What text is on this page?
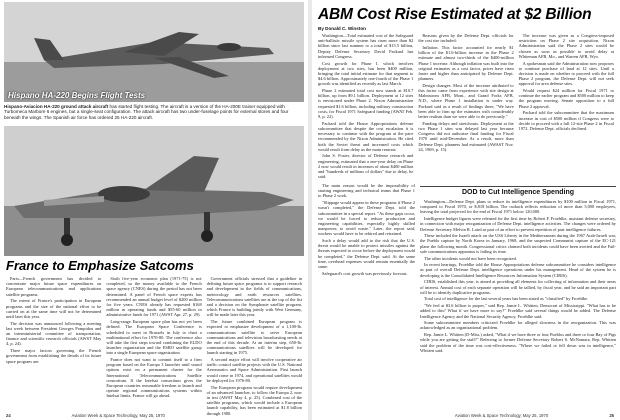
Hispano HA-220 Begins Flight Tests
Hispano-Aviacion HA-220 ground attack aircraft has started flight testing. The aircraft is a version of the HA-200E trainer equipped with Turbomeca Marbore 6 engines, but a single-seat configuration. The attack aircraft has two under-fuselage points for external stores and four beneath the wings. The Spanish air force has ordered 25 HA-220 aircraft.
France to Emphasize Satcoms

Paris—French government has decided to concentrate major future space expenditures on European telecommunications and applications satellite programs.

The extent of France's participation in European programs and the size of the national effort to be carried on at the same time will not be determined until later this year.

The decision was announced following a meeting last week between President Georges Pompidou and an interministerial committee of transportation, finance and scientific research officials (AWST May 4, p. 24).

Three major factors governing the French government from establishing the details of its future space program are:

Sixth five-year economic plan (1971-75) is not completed, so the money available to the French space agency (CNES) during the period has not been determined. A panel of French space experts has recommended an annual budget level of $200 million for five years. CNES already has requested $168 million in operating funds and $55-60 million in administrative funds for 1971 (AWST Apr. 27, p. 29).

Long-range European space plan has not yet been defined. The European Space Conference is scheduled to meet in Brussels in July to chart a multinational effort for 1970-80. The conference also will take the first steps toward combining the ELDO launcher organization and the ESRO satellite group into a single European space organization.

France does not want to commit itself to a firm program based on the Europa 3 launcher until sound options exist on a permanent charter for the International Telecommunications Satellite consortium. If the Intelsat consortium gives the European countries reasonable freedom to launch and operate regional communications systems within Intelsat limits, France will go ahead.

Government officials stressed that a guideline in defining future space programs is to support research and development in the fields of communications, meteorology and earth resources satellites. Telecommunications satellites are at the top of the list and a decision on the Symphonie satellite program, which France is building jointly with West Germany, will be made later this year.

The future combined European program is expected to emphasize development of a 1,100-lb. communications satellite to serve European communications and television broadcasting needs at the end of this decade. At an interim step, 650-lb. communications satellites will be developed for launch starting in 1975.

A second major effort will involve cooperative air traffic control satellite projects with the U.S. National Aeronautics and Space Administration. First launch would come in 1974, and operational satellites would be deployed for 1976-80.

The European program would require development of an advanced launcher, to follow the Europa 2, now in test (AWST May 4, p. 25). Combined cost of the satellite programs, which would include a European launch capability, has been estimated at $1.8 billion through 1980.

24	Aviation Week & Space Technology, May 25, 1970
ABM Cost Rise Estimated at $2 Billion
By Donald C. Winston

Washington—Total estimated cost of the Safeguard anti-ballistic missile system has risen more than $2 billion since last summer to a total of $15.5 billion, Deputy Defense Secretary David Packard has informed Congress.

Cost growth for Phase I, which involves deployment at two sites, has been $400 million, bringing the total initial estimate for that segment to $4.6 billion. Approximately one-fourth of the Phase 1 growth was identified as recently as last March.

Phase 2 estimated total cost now stands at $10.7 billion, up from $9.1 billion. Deployment at 12 sites is envisioned under Phase 2. Nixon Administration requested $1.6 billion, including military construction costs, for Fiscal 1971 Safeguard funding (AWAT Feb. 9, p. 22).

Packard told the House Appropriations defense subcommittee that despite the cost escalation it is necessary to continue with the program at the pace recommended by the Nixon Administration. He cited both the Soviet threat and increased costs which would result from delay as the main reasons.

John S. Foster, director of Defense research and engineering, estimated that a one-year delay on Phase 2 now would result in increases of about $400 million and "hundreds of millions of dollars" due to delay, he said.

Reasons given by the Defense Dept. officials for the cost rise included:

Inflation. This factor accounted for nearly $1 billion of the $1.6-billion increase in the Phase 2 estimate and almost two-thirds of the $400-million Phase 1 increase. Although inflation was built into the original estimates as a cost factor, prices have risen faster and higher than anticipated by Defense Dept. planners.

Design changes. Most of the increase attributed to this factor came from experience with site design at Malmstrom AFB, Mont., and Grand Forks AFB, N.D., where Phase 1 installation is under way. Packard said as a result of findings there, "We have been able to firm up the estimates with considerably better realism than we were able to do previously."

Funding delays and stretchouts. Deployment at the two Phase 1 sites was delayed last year because Congress did not authorize final funding for Fiscal 1970 until mid-December. As a result, more than Defense Dept. planners had estimated (AWAST Nov. 24, 1969, p. 15).

The increase was given as a Congress-imposed restriction on Phase 2 site acquisition. Nixon Administration said the Phase 2 sites would be chosen as soon as possible to avoid delay at Whiteman AFB, Mo., and Warren AFB, Wyo.

A spokesman said the Administration now proposes to continue purchase of land at 12 sites. Until a decision is made on whether to proceed with the full Phase 2 program, the Defense Dept. will not seek approval for area defense sites.

Would request $24 million for Fiscal 1971 to continue the earlier program and $500 million to keep the program moving. Senate opposition to a full Phase 2 approval.

Packard told the subcommittee that the maximum increase in cost of $500 million if Congress were to decide to proceed with a full 12-site Phase 2 in Fiscal 1972. Defense Dept. officials declined.

The main reason would be the impossibility of starting engineering and technical teams that Phase 1 to Phase 2 work.

"Slippage would appear in these programs if Phase 2 wasn't completed," the Defense Dept. told the subcommittee in a special report. "As these gaps occur, we would be forced to reduce production and engineering capabilities, especially highly skilled manpower, to avoid waste." Later, the report said, workers would have to be rehired and retrained.

Such a delay would add to the risk that the U.S. threat would be unable to protect missiles against the threats expected to occur before the deployment would be completed," the Defense Dept. said. At the same time, overhead expenses would remain essentially the same.

Safeguard's cost growth was previously forecast.

DOD to Cut Intelligence Spending

Washington—Defense Dept. plans to reduce its intelligence expenditures by $100 million in Fiscal 1971, compared to Fiscal 1970, or $.818 billion. The cutback reflects reduction of more than 5,000 employees, leaving the total projected for the end of Fiscal 1971 below 120,000.

Intelligence budget figures were released for the first time by Robert F. Froehlke, assistant defense secretary, in connection with major reorganization of Defense Dept. intelligence activities. The changes were ordered by Defense Secretary Melvin R. Laird as part of an effort to prevent repetition of past intelligence failures.

These included the Israeli attack on the USS Liberty in the Mediterranean during the 1967 Arab-Israeli war, the Pueblo capture by North Korea in January, 1968, and the suspected Communist capture of the EC-121 plane the following month. Congressional critics claimed both incidents could have been averted and the Fail-safe communications apparatus is failing its time.

The other incidents would not have been recognized.

In recent hearings, Froehlke told the House Appropriations defense subcommittee he considers intelligence as part of overall Defense Dept. intelligence operations under his management. Head of the system he is developing is the Consolidated Intelligence Resources Information System (CIRIS).

CIRIS, established this year, is aimed at providing all elements for collecting of information and their areas of interest. Annual cost of each separate operation will be tallied, by fiscal year, and he said an important part will be to identify duplicative programs.

Total cost of intelligence for the last several years has been stated as "classified" by Froehlke.

"We feel at $3.6 billion is proper," said Rep. Jamie L. Whitten, Democrat of Mississippi. "What has to be added to this? What if we have more to say?" Froehlke said several things would be added. The Defense Intelligence Agency and the National Security Agency, Froehlke said.

Some subcommittee members criticized Froehlke for alleged slowness in the reorganization. This was acknowledged as an organizational problem.

Rep. Jamie L. Whitten (D-Miss.) asked, "What if we have three or four Pueblos and three or four Bay of Pigs while you are getting the staff?" Referring to former Defense Secretary Robert S. McNamara, Rep. Whitten said the problem of the time was cost-effectiveness. "Where we failed or fell down was in intelligence," Whitten said.

Aviation Week & Space Technology, May 25, 1970	25
